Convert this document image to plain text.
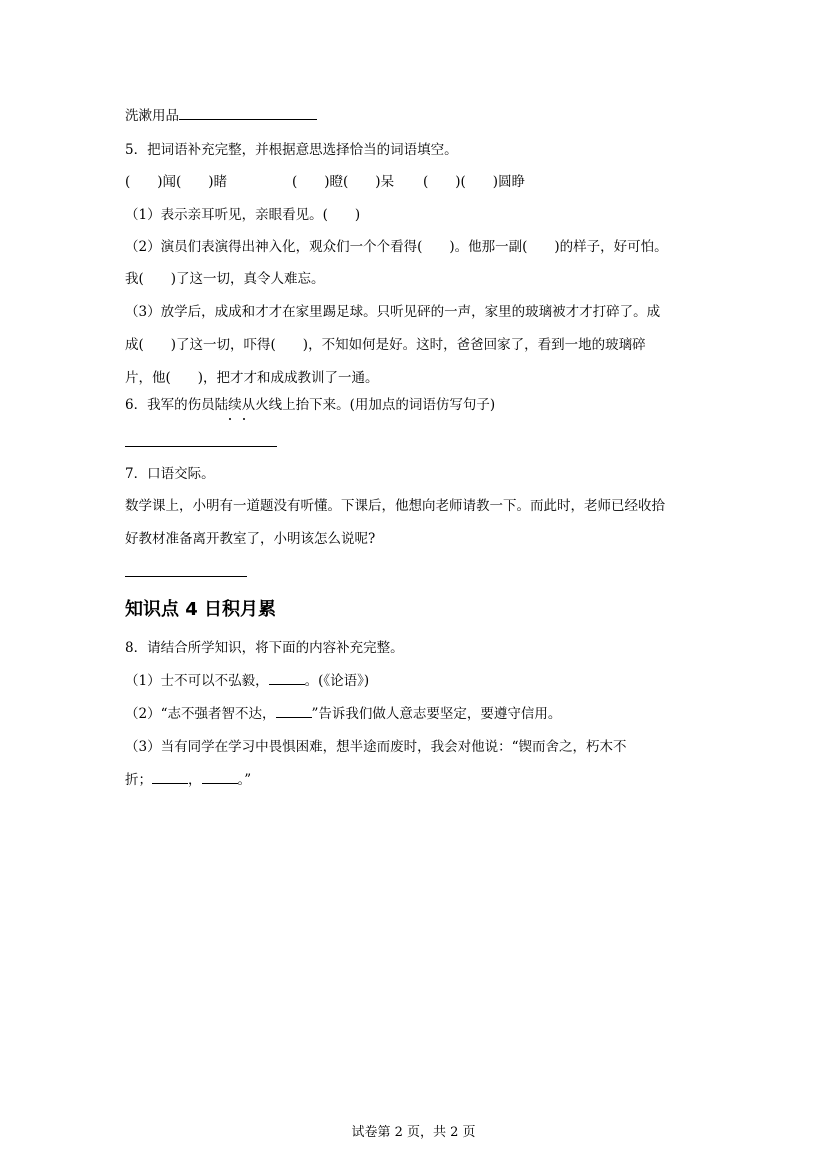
洗漱用品
5．把词语补充完整，并根据意思选择恰当的词语填空。
(　　)闻(　　)睹	(　　)瞪(　　)呆 (　　)(　　)圆睁
（1）表示亲耳听见，亲眼看见。(　　)
（2）演员们表演得出神入化，观众们一个个看得(　　)。他那一副(　　)的样子，好可怕。
我(　　)了这一切，真令人难忘。
（3）放学后，成成和才才在家里踢足球。只听见砰的一声，家里的玻璃被才才打碎了。成
成(　　)了这一切，吓得(　　)，不知如何是好。这时，爸爸回家了，看到一地的玻璃碎
片，他(　　)，把才才和成成教训了一通。
6．我军的伤员陆续从火线上抬下来。(用加点的词语仿写句子)
7．口语交际。
数学课上，小明有一道题没有听懂。下课后，他想向老师请教一下。而此时，老师已经收拾
好教材准备离开教室了，小明该怎么说呢?
知识点 4 日积月累
8．请结合所学知识，将下面的内容补充完整。
（1）士不可以不弘毅，	。(《论语》)
（2）“志不强者智不达，	”告诉我们做人意志要坚定，要遵守信用。
（3）当有同学在学习中畏惧困难，想半途而废时，我会对他说：“锲而舍之，朽木不
折；	，	。”
试卷第 2 页，共 2 页
